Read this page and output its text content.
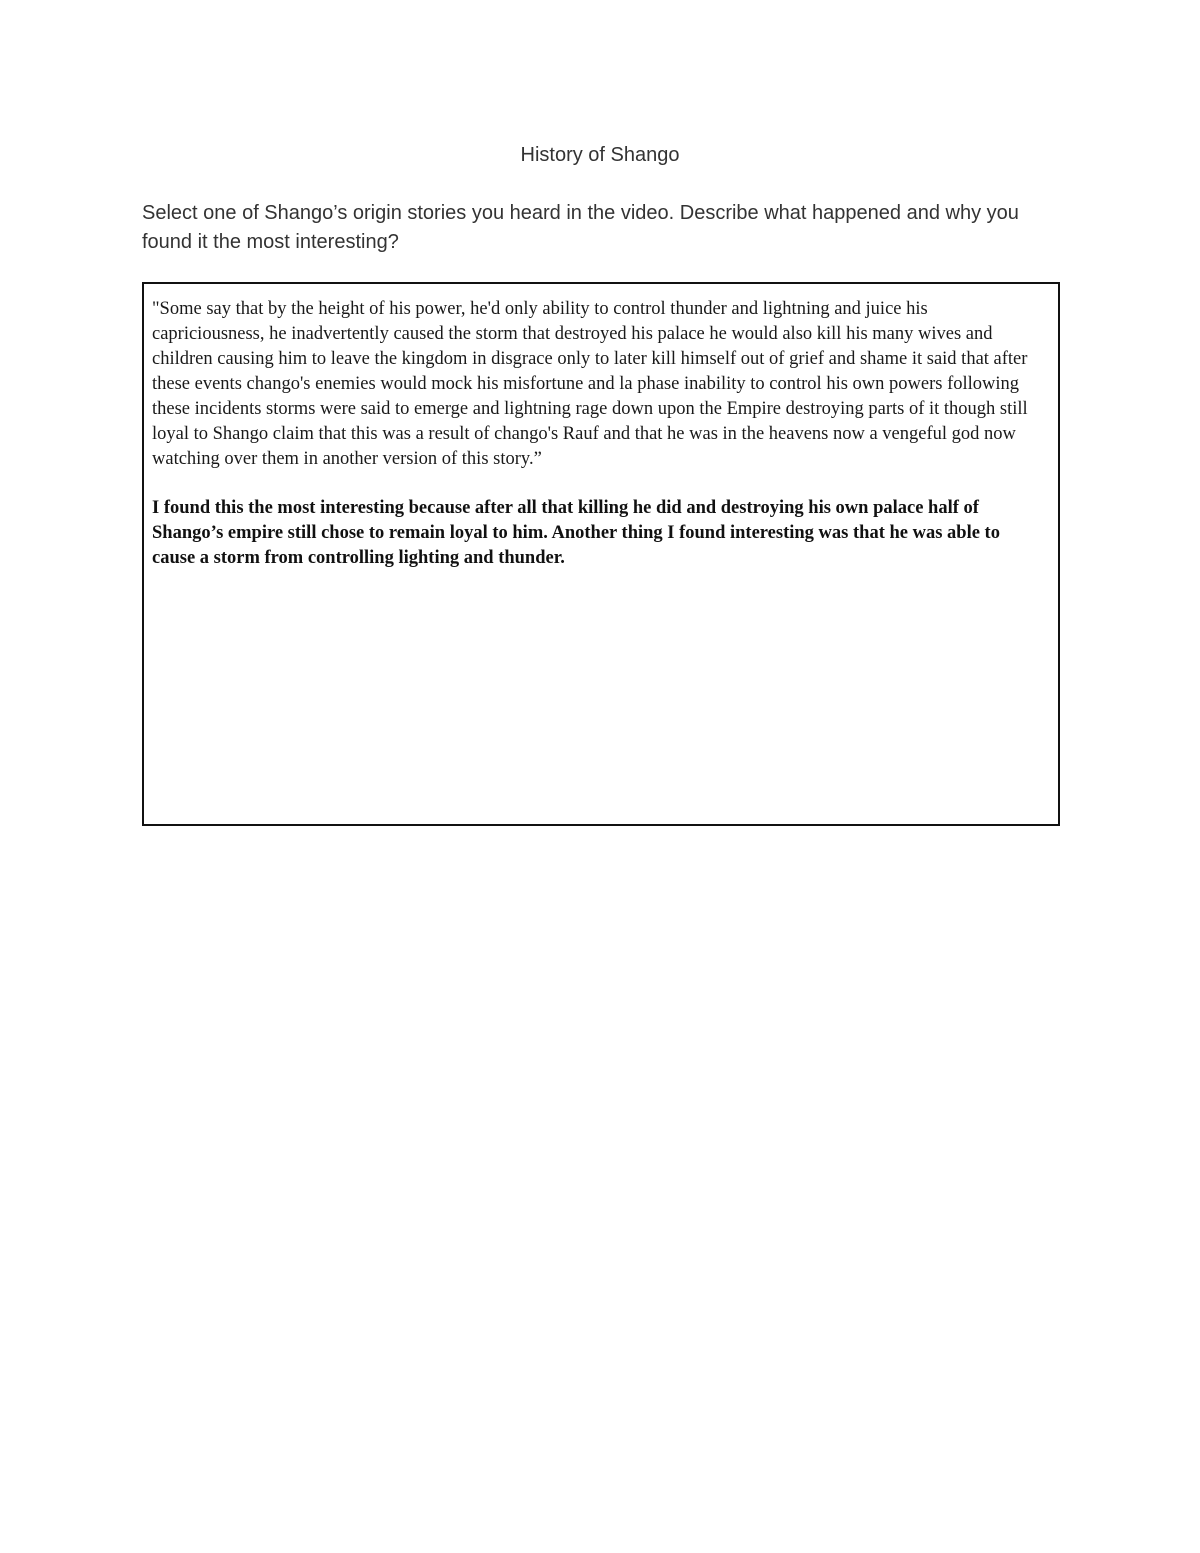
History of Shango
Select one of Shango’s origin stories you heard in the video. Describe what happened and why you found it the most interesting?

"Some say that by the height of his power, he'd only ability to control thunder and lightning and juice his capriciousness, he inadvertently caused the storm that destroyed his palace he would also kill his many wives and children causing him to leave the kingdom in disgrace only to later kill himself out of grief and shame it said that after these events chango's enemies would mock his misfortune and la phase inability to control his own powers following these incidents storms were said to emerge and lightning rage down upon the Empire destroying parts of it though still loyal to Shango claim that this was a result of chango's Rauf and that he was in the heavens now a vengeful god now watching over them in another version of this story.”

I found this the most interesting because after all that killing he did and destroying his own palace half of Shango’s empire still chose to remain loyal to him. Another thing I found interesting was that he was able to cause a storm from controlling lighting and thunder.
